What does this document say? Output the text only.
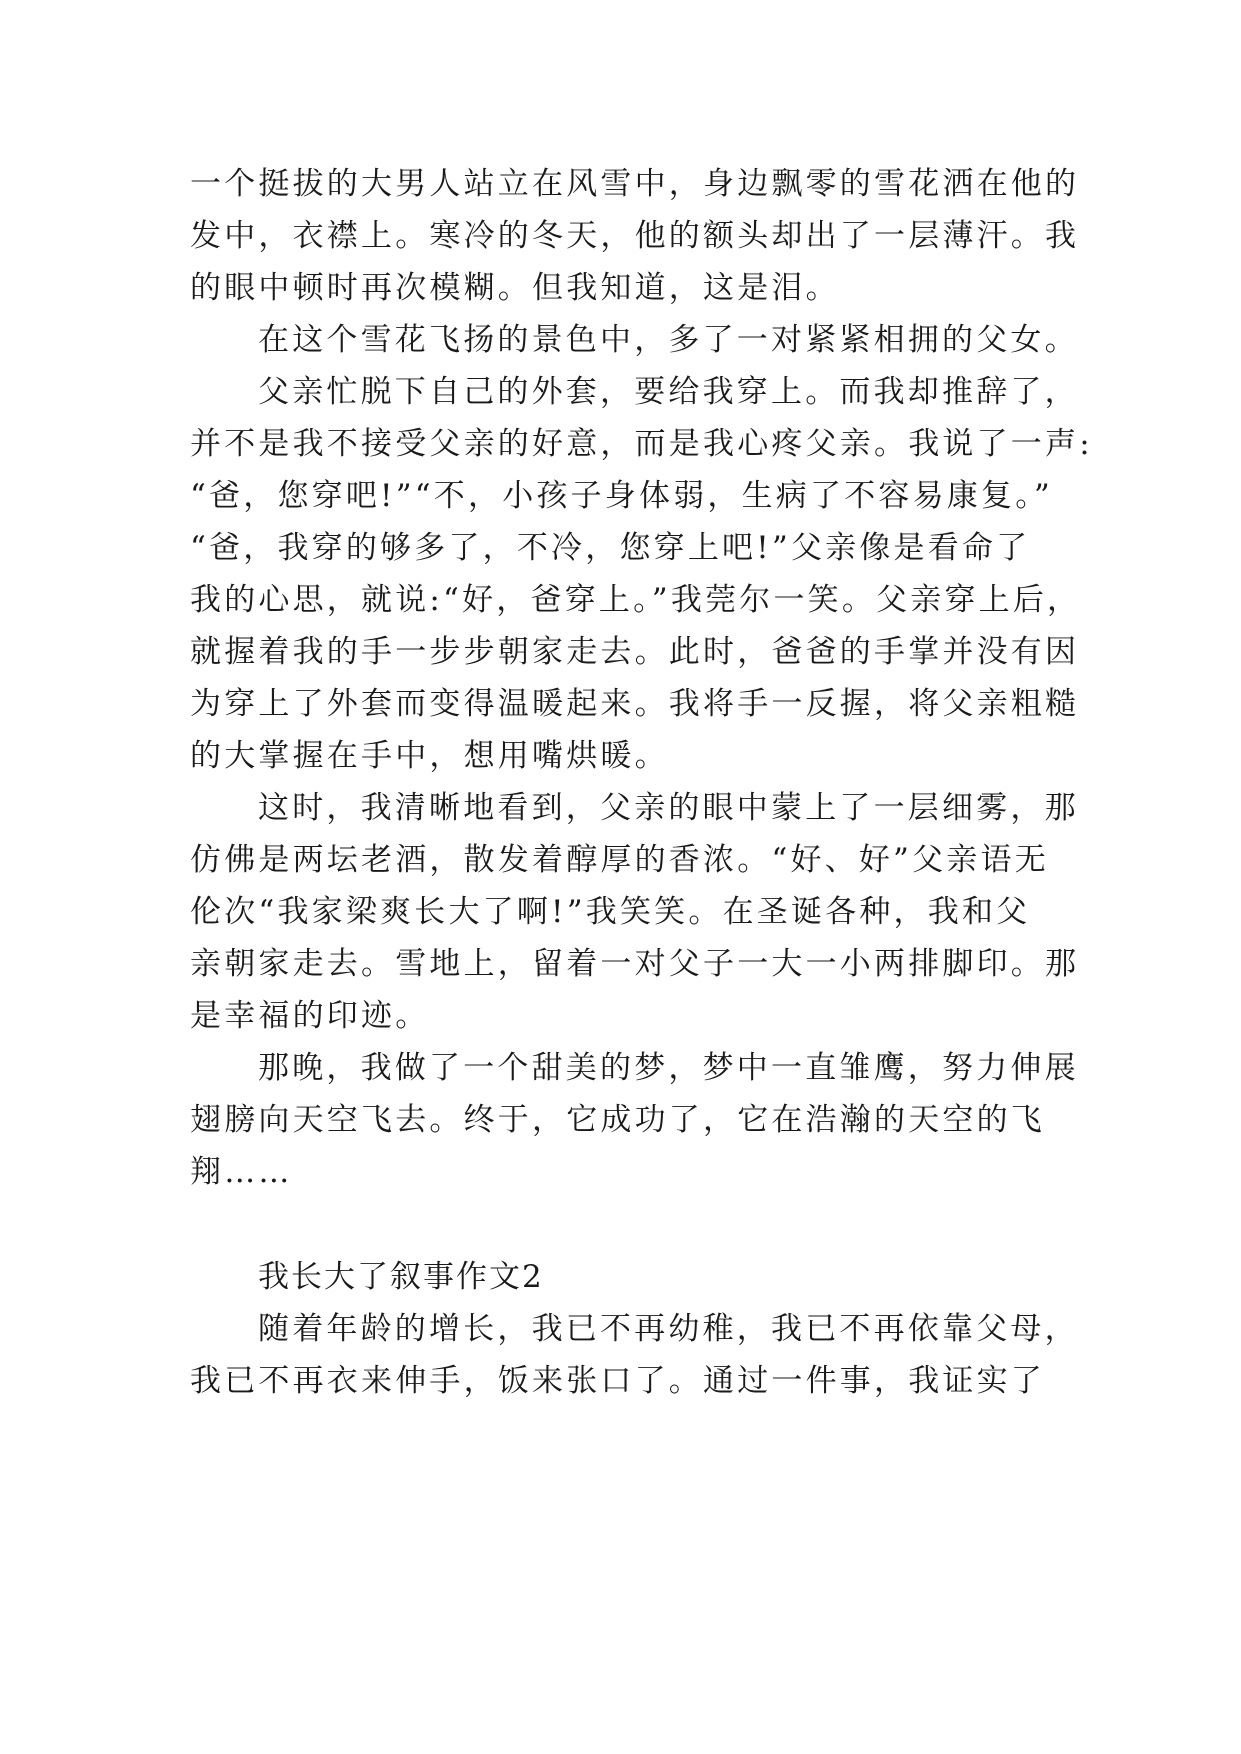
一个挺拔的大男人站立在风雪中，身边飘零的雪花洒在他的
发中，衣襟上。寒冷的冬天，他的额头却出了一层薄汗。我
的眼中顿时再次模糊。但我知道，这是泪。
在这个雪花飞扬的景色中，多了一对紧紧相拥的父女。
父亲忙脱下自己的外套，要给我穿上。而我却推辞了，
并不是我不接受父亲的好意，而是我心疼父亲。我说了一声:
“爸，您穿吧!”“不，小孩子身体弱，生病了不容易康复。”
“爸，我穿的够多了，不冷，您穿上吧!”父亲像是看命了
我的心思，就说:“好，爸穿上。”我莞尔一笑。父亲穿上后，
就握着我的手一步步朝家走去。此时，爸爸的手掌并没有因
为穿上了外套而变得温暖起来。我将手一反握，将父亲粗糙
的大掌握在手中，想用嘴烘暖。
这时，我清晰地看到，父亲的眼中蒙上了一层细雾，那
仿佛是两坛老酒，散发着醇厚的香浓。“好、好”父亲语无
伦次“我家梁爽长大了啊!”我笑笑。在圣诞各种，我和父
亲朝家走去。雪地上，留着一对父子一大一小两排脚印。那
是幸福的印迹。
那晚，我做了一个甜美的梦，梦中一直雏鹰，努力伸展
翅膀向天空飞去。终于，它成功了，它在浩瀚的天空的飞
翔……
我长大了叙事作文2
随着年龄的增长，我已不再幼稚，我已不再依靠父母，
我已不再衣来伸手，饭来张口了。通过一件事，我证实了
